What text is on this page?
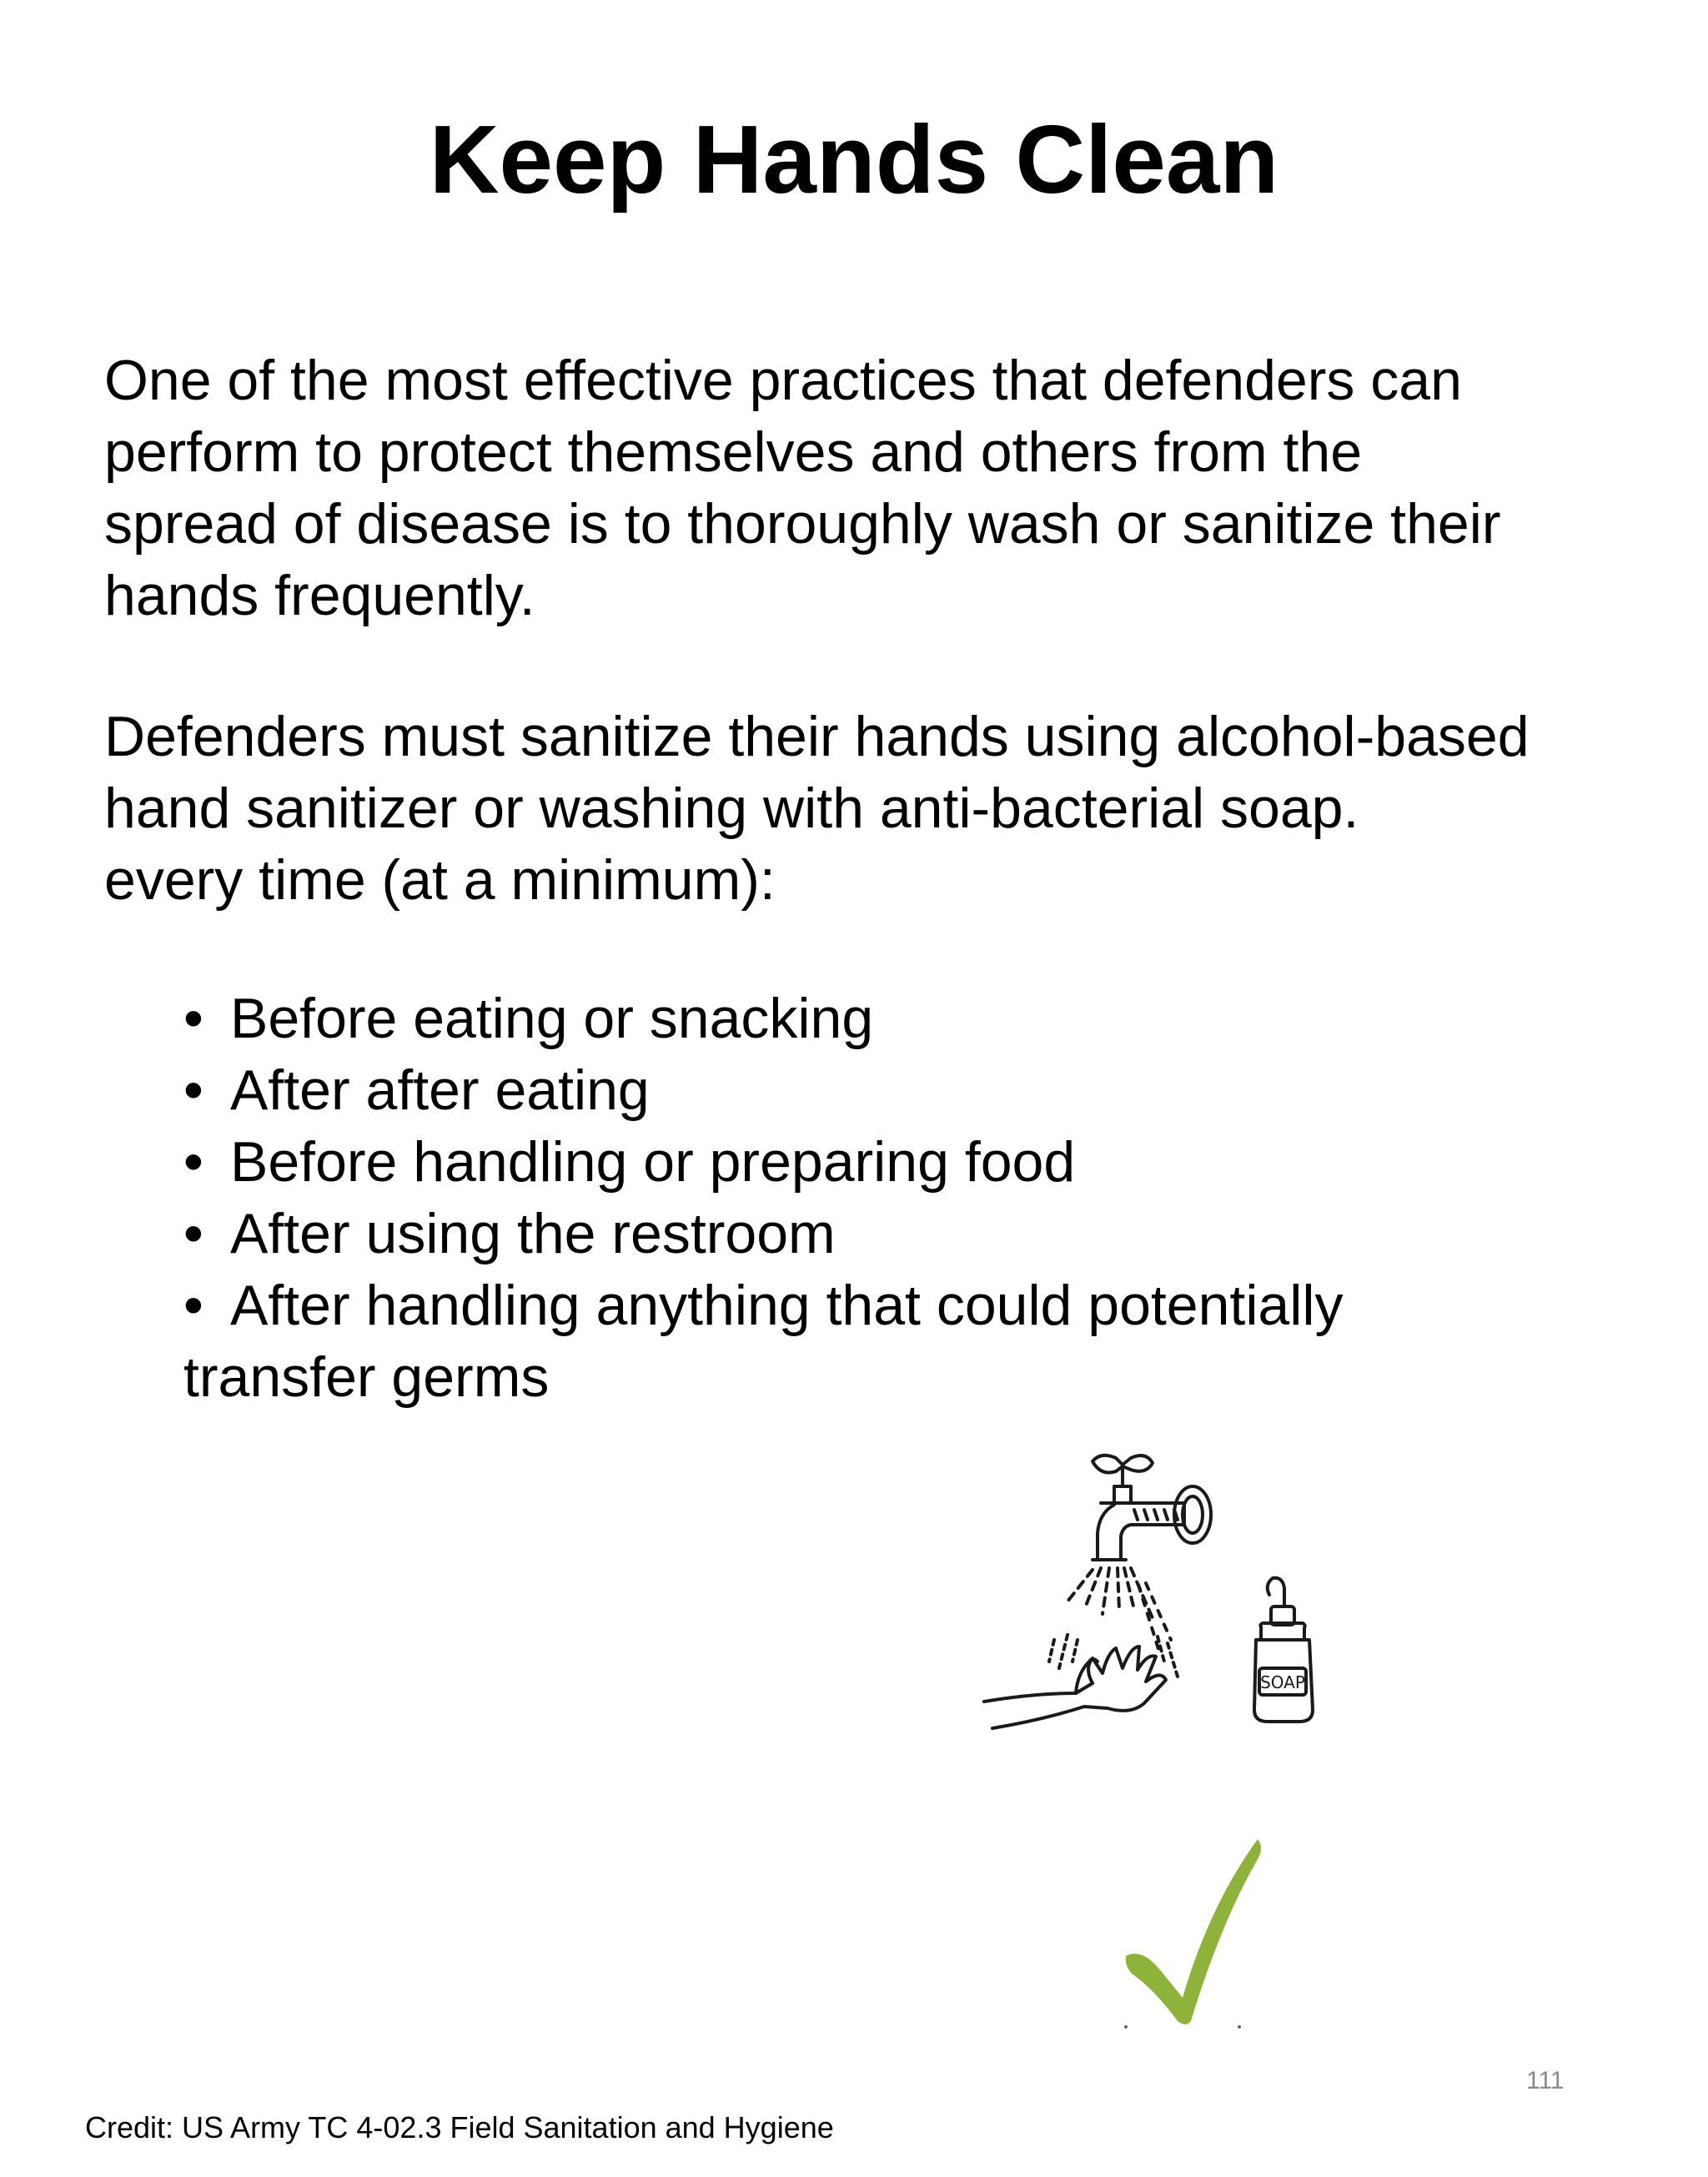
Keep Hands Clean

One of the most effective practices that defenders can
perform to protect themselves and others from the
spread of disease is to thoroughly wash or sanitize their
hands frequently.

Defenders must sanitize their hands using alcohol-based
hand sanitizer or washing with anti-bacterial soap.
every time (at a minimum):

• Before eating or snacking
• After after eating
• Before handling or preparing food
• After using the restroom
• After handling anything that could potentially
transfer germs
SOAP
111
Credit: US Army TC 4-02.3 Field Sanitation and Hygiene
